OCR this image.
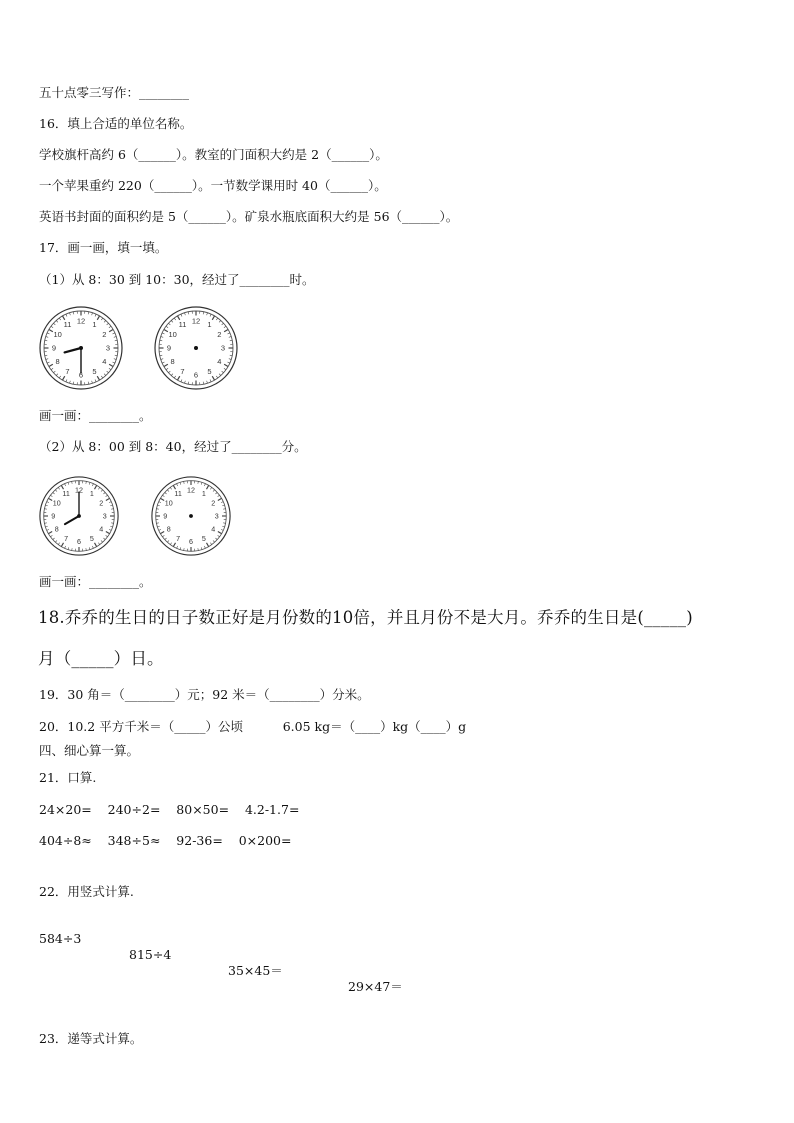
五十点零三写作：________
16．填上合适的单位名称。
学校旗杆高约 6（______）。教室的门面积大约是 2（______）。
一个苹果重约 220（______）。一节数学课用时 40（______）。
英语书封面的面积约是 5（______）。矿泉水瓶底面积大约是 56（______）。
17．画一画，填一填。
（1）从 8：30 到 10：30，经过了________时。
12 1
2
3
4
5
6
7
8
9
10
11	12 1
2
3
4
5
6
7
8
9
10
11
画一画：________。
（2）从 8：00 到 8：40，经过了________分。
12 1
2
3
4
5
6
7
8
9
10
11	12 1
2
3
4
5
6
7
8
9
10
11
画一画：________。
18.乔乔的生日的日子数正好是月份数的10倍，并且月份不是大月。乔乔的生日是(_____)
月（_____）日。
19．30 角＝（________）元；92 米＝（________）分米。
20．10.2 平方千米＝（_____）公顷          6.05 kg＝（____）kg（____）g
四、细心算一算。
21．口算.
24×20=    240÷2=    80×50=    4.2-1.7=
404÷8≈    348÷5≈    92-36=    0×200=
22．用竖式计算.

584÷3

815÷4

35×45＝

29×47＝

23．递等式计算。
